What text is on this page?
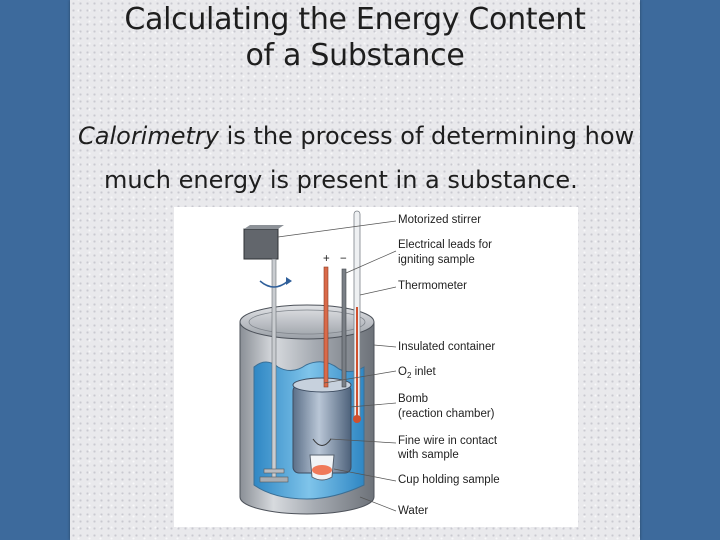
Calculating the Energy Content
of a Substance
Calorimetry is the process of determining how
much energy is present in a substance.
+ −
Motorized stirrer
Electrical leads for
igniting sample
Thermometer
Insulated container
$O_2$ inlet
Bomb
(reaction chamber)
Fine wire in contact
with sample
Cup holding sample
Water
